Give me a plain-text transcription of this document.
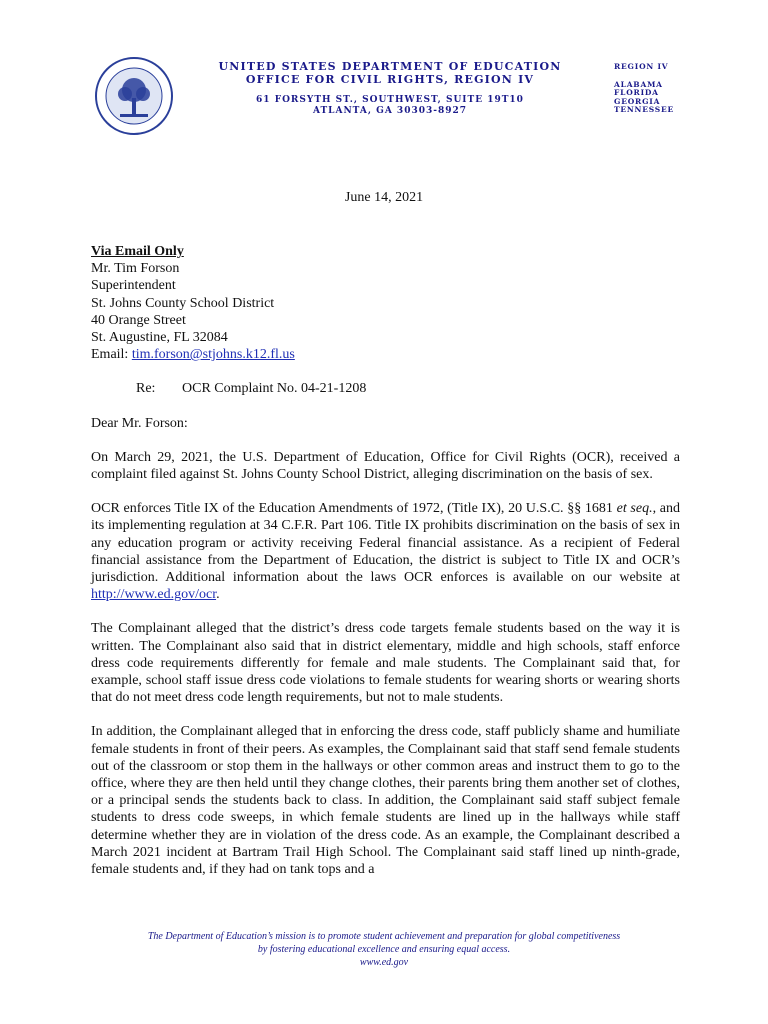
UNITED STATES DEPARTMENT OF EDUCATION
OFFICE FOR CIVIL RIGHTS, REGION IV
61 FORSYTH ST., SOUTHWEST, SUITE 19T10
ATLANTA, GA 30303-8927
REGION IV
ALABAMA
FLORIDA
GEORGIA
TENNESSEE
June 14, 2021
Via Email Only
Mr. Tim Forson
Superintendent
St. Johns County School District
40 Orange Street
St. Augustine, FL 32084
Email: tim.forson@stjohns.k12.fl.us
Re: OCR Complaint No. 04-21-1208

Dear Mr. Forson:

On March 29, 2021, the U.S. Department of Education, Office for Civil Rights (OCR), received a complaint filed against St. Johns County School District, alleging discrimination on the basis of sex.

OCR enforces Title IX of the Education Amendments of 1972, (Title IX), 20 U.S.C. §§ 1681 et seq., and its implementing regulation at 34 C.F.R. Part 106. Title IX prohibits discrimination on the basis of sex in any education program or activity receiving Federal financial assistance. As a recipient of Federal financial assistance from the Department of Education, the district is subject to Title IX and OCR’s jurisdiction. Additional information about the laws OCR enforces is available on our website at http://www.ed.gov/ocr.

The Complainant alleged that the district’s dress code targets female students based on the way it is written. The Complainant also said that in district elementary, middle and high schools, staff enforce dress code requirements differently for female and male students. The Complainant said that, for example, school staff issue dress code violations to female students for wearing shorts or wearing shorts that do not meet dress code length requirements, but not to male students.

In addition, the Complainant alleged that in enforcing the dress code, staff publicly shame and humiliate female students in front of their peers. As examples, the Complainant said that staff send female students out of the classroom or stop them in the hallways or other common areas and instruct them to go to the office, where they are then held until they change clothes, their parents bring them another set of clothes, or a principal sends the students back to class. In addition, the Complainant said staff subject female students to dress code sweeps, in which female students are lined up in the hallways while staff determine whether they are in violation of the dress code. As an example, the Complainant described a March 2021 incident at Bartram Trail High School. The Complainant said staff lined up ninth-grade, female students and, if they had on tank tops and a

The Department of Education’s mission is to promote student achievement and preparation for global competitiveness
by fostering educational excellence and ensuring equal access.
www.ed.gov
